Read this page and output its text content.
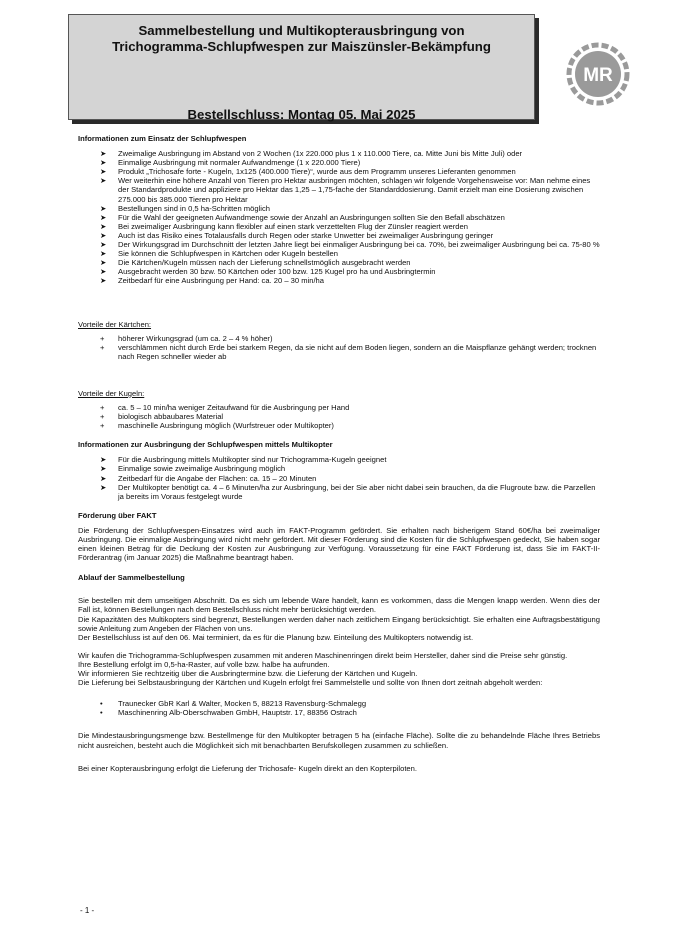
Sammelbestellung und Multikopterausbringung von
Trichogramma-Schlupfwespen zur Maiszünsler-Bekämpfung
Bestellschluss: Montag 05. Mai 2025
MR
Informationen zum Einsatz der Schlupfwespen
➤ Zweimalige Ausbringung im Abstand von 2 Wochen (1x 220.000 plus 1 x 110.000 Tiere, ca. Mitte Juni bis Mitte Juli) oder
➤ Einmalige Ausbringung mit normaler Aufwandmenge (1 x 220.000 Tiere)
➤ Produkt „Trichosafe forte - Kugeln, 1x125 (400.000 Tiere)“, wurde aus dem Programm unseres Lieferanten genommen
➤ Wer weiterhin eine höhere Anzahl von Tieren pro Hektar ausbringen möchten, schlagen wir folgende Vorgehensweise vor: Man nehme eines der Standardprodukte und appliziere pro Hektar das 1,25 – 1,75-fache der Standarddosierung. Damit erzielt man eine Dosierung zwischen 275.000 bis 385.000 Tieren pro Hektar
➤ Bestellungen sind in 0,5 ha-Schritten möglich
➤ Für die Wahl der geeigneten Aufwandmenge sowie der Anzahl an Ausbringungen sollten Sie den Befall abschätzen
➤ Bei zweimaliger Ausbringung kann flexibler auf einen stark verzettelten Flug der Zünsler reagiert werden
➤ Auch ist das Risiko eines Totalausfalls durch Regen oder starke Unwetter bei zweimaliger Ausbringung geringer
➤ Der Wirkungsgrad im Durchschnitt der letzten Jahre liegt bei einmaliger Ausbringung bei ca. 70%, bei zweimaliger Ausbringung bei ca. 75-80 %
➤ Sie können die Schlupfwespen in Kärtchen oder Kugeln bestellen
➤ Die Kärtchen/Kugeln müssen nach der Lieferung schnellstmöglich ausgebracht werden
➤ Ausgebracht werden 30 bzw. 50 Kärtchen oder 100 bzw. 125 Kugel pro ha und Ausbringtermin
➤ Zeitbedarf für eine Ausbringung per Hand: ca. 20 – 30 min/ha
Vorteile der Kärtchen:
+ höherer Wirkungsgrad (um ca. 2 – 4 % höher)
+ verschlämmen nicht durch Erde bei starkem Regen, da sie nicht auf dem Boden liegen, sondern an die Maispflanze gehängt werden; trocknen nach Regen schneller wieder ab
Vorteile der Kugeln:
+ ca. 5 – 10 min/ha weniger Zeitaufwand für die Ausbringung per Hand
+ biologisch abbaubares Material
+ maschinelle Ausbringung möglich (Wurfstreuer oder Multikopter)
Informationen zur Ausbringung der Schlupfwespen mittels Multikopter
➤ Für die Ausbringung mittels Multikopter sind nur Trichogramma-Kugeln geeignet
➤ Einmalige sowie zweimalige Ausbringung möglich
➤ Zeitbedarf für die Angabe der Flächen: ca. 15 – 20 Minuten
➤ Der Multikopter benötigt ca. 4 – 6 Minuten/ha zur Ausbringung, bei der Sie aber nicht dabei sein brauchen, da die Flugroute bzw. die Parzellen ja bereits im Voraus festgelegt wurde
Förderung über FAKT

Die Förderung der Schlupfwespen-Einsatzes wird auch im FAKT-Programm gefördert. Sie erhalten nach bisherigem Stand 60€/ha bei zweimaliger Ausbringung. Die einmalige Ausbringung wird nicht mehr gefördert. Mit dieser Förderung sind die Kosten für die Schlupfwespen gedeckt, Sie haben sogar einen kleinen Betrag für die Deckung der Kosten zur Ausbringung zur Verfügung. Voraussetzung für eine FAKT Förderung ist, dass Sie im FAKT-II-Förderantrag (im Januar 2025) die Maßnahme beantragt haben.

Ablauf der Sammelbestellung

Sie bestellen mit dem umseitigen Abschnitt. Da es sich um lebende Ware handelt, kann es vorkommen, dass die Mengen knapp werden. Wenn dies der Fall ist, können Bestellungen nach dem Bestellschluss nicht mehr berücksichtigt werden.

Die Kapazitäten des Multikopters sind begrenzt, Bestellungen werden daher nach zeitlichem Eingang berücksichtigt. Sie erhalten eine Auftragsbestätigung sowie Anleitung zum Angeben der Flächen von uns.

Der Bestellschluss ist auf den 06. Mai terminiert, da es für die Planung bzw. Einteilung des Multikopters notwendig ist.

Wir kaufen die Trichogramma-Schlupfwespen zusammen mit anderen Maschinenringen direkt beim Hersteller, daher sind die Preise sehr günstig.

Ihre Bestellung erfolgt im 0,5-ha-Raster, auf volle bzw. halbe ha aufrunden.

Wir informieren Sie rechtzeitig über die Ausbringtermine bzw. die Lieferung der Kärtchen und Kugeln.

Die Lieferung bei Selbstausbringung der Kärtchen und Kugeln erfolgt frei Sammelstelle und sollte von Ihnen dort zeitnah abgeholt werden:

• Traunecker GbR Karl & Walter, Mocken 5, 88213 Ravensburg-Schmalegg
• Maschinenring Alb-Oberschwaben GmbH, Hauptstr. 17, 88356 Ostrach

Die Mindestausbringungsmenge bzw. Bestellmenge für den Multikopter betragen 5 ha (einfache Fläche). Sollte die zu behandelnde Fläche Ihres Betriebs nicht ausreichen, besteht auch die Möglichkeit sich mit benachbarten Berufskollegen zusammen zu schließen.

Bei einer Kopterausbringung erfolgt die Lieferung der Trichosafe- Kugeln direkt an den Kopterpiloten.

- 1 -
